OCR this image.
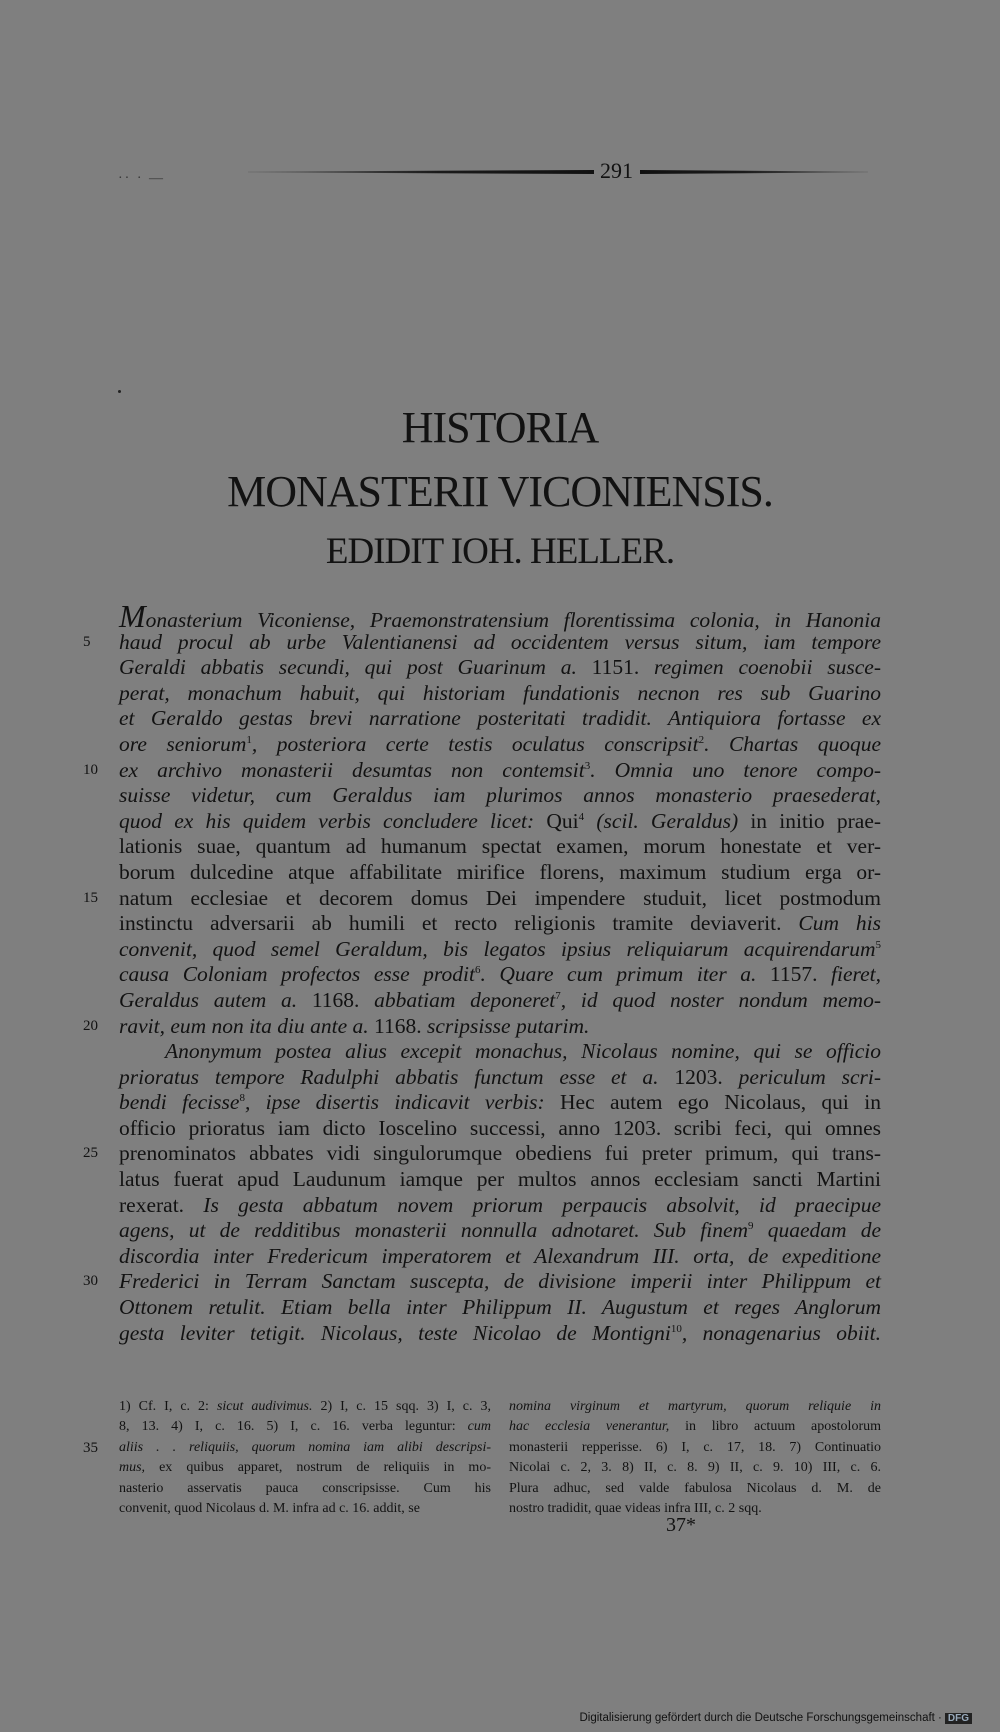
·· · ―	291
HISTORIA
MONASTERII VICONIENSIS.
EDIDIT IOH. HELLER.
Monasterium Viconiense, Praemonstratensium florentissima colonia, in Hanonia
5	haud procul ab urbe Valentianensi ad occidentem versus situm, iam tempore
Geraldi abbatis secundi, qui post Guarinum a. 1151. regimen coenobii susce-
perat, monachum habuit, qui historiam fundationis necnon res sub Guarino
et Geraldo gestas brevi narratione posteritati tradidit. Antiquiora fortasse ex
ore seniorum$^1$, posteriora certe testis oculatus conscripsit$^2$. Chartas quoque
10 ex archivo monasterii desumtas non contemsit$^3$. Omnia uno tenore compo-
suisse videtur, cum Geraldus iam plurimos annos monasterio praesederat,
quod ex his quidem verbis concludere licet: Qui$^4$ (scil. Geraldus) in initio prae-
lationis suae, quantum ad humanum spectat examen, morum honestate et ver-
borum dulcedine atque affabilitate mirifice florens, maximum studium erga or-
15 natum ecclesiae et decorem domus Dei impendere studuit, licet postmodum
instinctu adversarii ab humili et recto religionis tramite deviaverit. Cum his
convenit, quod semel Geraldum, bis legatos ipsius reliquiarum acquirendarum$^5$
causa Coloniam profectos esse prodit$^6$. Quare cum primum iter a. 1157. fieret,
Geraldus autem a. 1168. abbatiam deponeret$^7$, id quod noster nondum memo-
20 ravit, eum non ita diu ante a. 1168. scripsisse putarim.
Anonymum postea alius excepit monachus, Nicolaus nomine, qui se officio
prioratus tempore Radulphi abbatis functum esse et a. 1203. periculum scri-
bendi fecisse$^8$, ipse disertis indicavit verbis: Hec autem ego Nicolaus, qui in
officio prioratus iam dicto Ioscelino successi, anno 1203. scribi feci, qui omnes
25 prenominatos abbates vidi singulorumque obediens fui preter primum, qui trans-
latus fuerat apud Laudunum iamque per multos annos ecclesiam sancti Martini
rexerat. Is gesta abbatum novem priorum perpaucis absolvit, id praecipue
agens, ut de redditibus monasterii nonnulla adnotaret. Sub finem$^9$ quaedam de
discordia inter Fredericum imperatorem et Alexandrum III. orta, de expeditione
30 Frederici in Terram Sanctam suscepta, de divisione imperii inter Philippum et
Ottonem retulit. Etiam bella inter Philippum II. Augustum et reges Anglorum
gesta leviter tetigit. Nicolaus, teste Nicolao de Montigni$^{10}$, nonagenarius obiit.
1) Cf. I, c. 2: sicut audivimus. 2) I, c. 15 sqq. 3) I, c. 3,
8, 13. 4) I, c. 16. 5) I, c. 16. verba leguntur: cum
35	aliis . . reliquiis, quorum nomina iam alibi descripsi-
mus, ex quibus apparet, nostrum de reliquiis in mo-
nasterio asservatis pauca conscripsisse. Cum his
convenit, quod Nicolaus d. M. infra ad c. 16. addit, se
nomina virginum et martyrum, quorum reliquie in
hac ecclesia venerantur, in libro actuum apostolorum
monasterii repperisse. 6) I, c. 17, 18. 7) Continuatio
Nicolai c. 2, 3. 8) II, c. 8. 9) II, c. 9. 10) III, c. 6.
Plura adhuc, sed valde fabulosa Nicolaus d. M. de
nostro tradidit, quae videas infra III, c. 2 sqq.
37*
Digitalisierung gefördert durch die Deutsche Forschungsgemeinschaft · DFG
